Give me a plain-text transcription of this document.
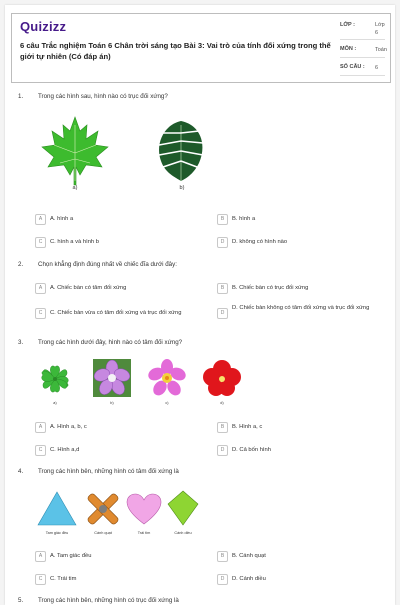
Quizizz
6 câu Trắc nghiệm Toán 6 Chân trời sáng tạo Bài 3: Vai trò của tính đối xứng trong thế giới tự nhiên (Có đáp án)
LỚP :	Lớp
6
MÔN :	Toán
SỐ CÂU : 6
1. Trong các hình sau, hình nào có trục đối xứng?
a)	b)
A	A. hình a	B	B. hình a
C	C. hình a và hình b	D	D. không có hình nào
2. Chọn khẳng định đúng nhất về chiếc đĩa dưới đây:
A	A. Chiếc bàn có tâm đối xứng	B	B. Chiếc bàn có trục đối xứng
C	C. Chiếc bàn vừa có tâm đối xứng và trục đối xứng	D
D. Chiếc bàn không có tâm đối xứng và trục đối xứng
3. Trong các hình dưới đây, hình nào có tâm đối xứng?
a)	b)	c)	d)
A	A. Hình a, b, c	B	B. Hình a, c
C	C. Hình a,d	D	D. Cả bốn hình
4. Trong các hình bên, những hình có tâm đối xứng là
Tam giác đều	Cánh quạt	Trái tim	Cánh diều
A	A. Tam giác đều	B	B. Cánh quạt
C	C. Trái tim	D	D. Cánh diều
5. Trong các hình bên, những hình có trục đối xứng là
